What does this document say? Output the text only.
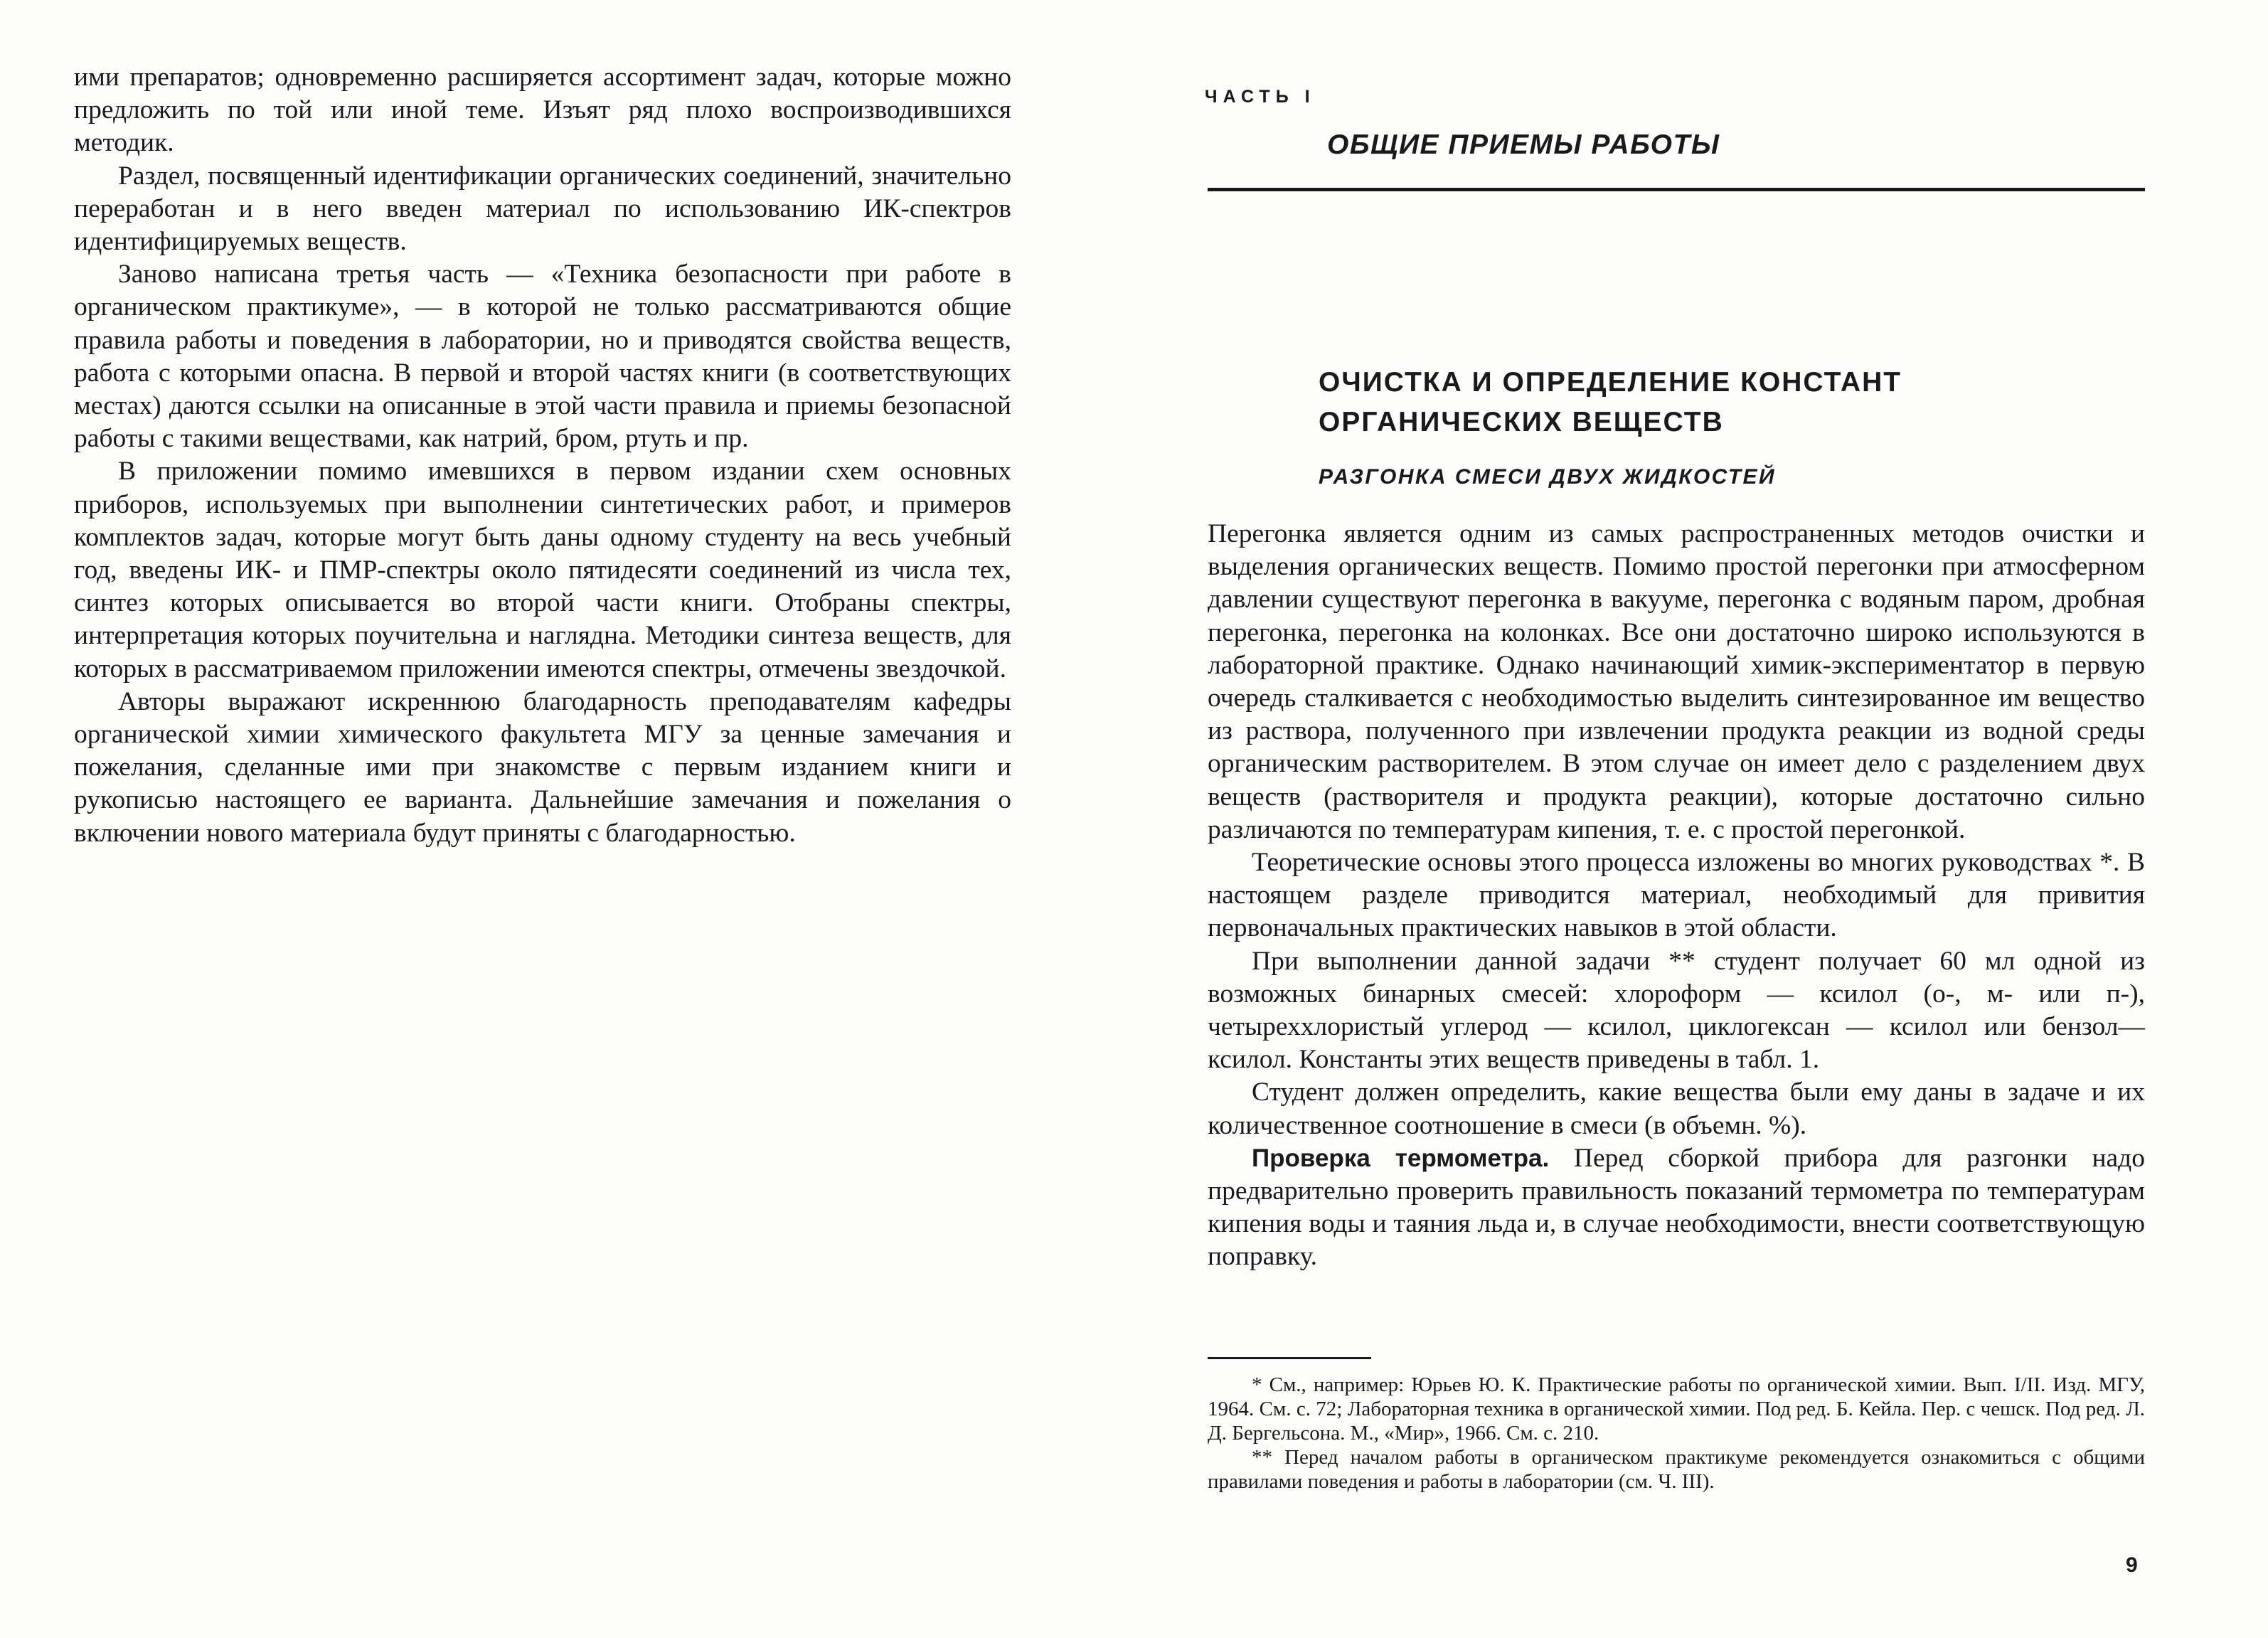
ими препаратов; одновременно расширяется ассортимент задач, которые можно предложить по той или иной теме. Изъят ряд плохо воспроизводившихся методик.

Раздел, посвященный идентификации органических соединений, значительно переработан и в него введен материал по использованию ИК-спектров идентифицируемых веществ.

Заново написана третья часть — «Техника безопасности при работе в органическом практикуме», — в которой не только рассматриваются общие правила работы и поведения в лаборатории, но и приводятся свойства веществ, работа с которыми опасна. В первой и второй частях книги (в соответствующих местах) даются ссылки на описанные в этой части правила и приемы безопасной работы с такими веществами, как натрий, бром, ртуть и пр.

В приложении помимо имевшихся в первом издании схем основных приборов, используемых при выполнении синтетических работ, и примеров комплектов задач, которые могут быть даны одному студенту на весь учебный год, введены ИК- и ПМР-спектры около пятидесяти соединений из числа тех, синтез которых описывается во второй части книги. Отобраны спектры, интерпретация которых поучительна и наглядна. Методики синтеза веществ, для которых в рассматриваемом приложении имеются спектры, отмечены звездочкой.

Авторы выражают искреннюю благодарность преподавателям кафедры органической химии химического факультета МГУ за ценные замечания и пожелания, сделанные ими при знакомстве с первым изданием книги и рукописью настоящего ее варианта. Дальнейшие замечания и пожелания о включении нового материала будут приняты с благодарностью.

ЧАСТЬ I
ОБЩИЕ ПРИЕМЫ РАБОТЫ
ОЧИСТКА И ОПРЕДЕЛЕНИЕ КОНСТАНТ
ОРГАНИЧЕСКИХ ВЕЩЕСТВ
РАЗГОНКА СМЕСИ ДВУХ ЖИДКОСТЕЙ

Перегонка является одним из самых распространенных методов очистки и выделения органических веществ. Помимо простой перегонки при атмосферном давлении существуют перегонка в вакууме, перегонка с водяным паром, дробная перегонка, перегонка на колонках. Все они достаточно широко используются в лабораторной практике. Однако начинающий химик-экспериментатор в первую очередь сталкивается с необходимостью выделить синтезированное им вещество из раствора, полученного при извлечении продукта реакции из водной среды органическим растворителем. В этом случае он имеет дело с разделением двух веществ (растворителя и продукта реакции), которые достаточно сильно различаются по температурам кипения, т. е. с простой перегонкой.

Теоретические основы этого процесса изложены во многих руководствах *. В настоящем разделе приводится материал, необходимый для привития первоначальных практических навыков в этой области.

При выполнении данной задачи ** студент получает 60 мл одной из возможных бинарных смесей: хлороформ — ксилол (о-, м- или п-), четыреххлористый углерод — ксилол, циклогексан — ксилол или бензол—ксилол. Константы этих веществ приведены в табл. 1.

Студент должен определить, какие вещества были ему даны в задаче и их количественное соотношение в смеси (в объемн. %).

Проверка термометра. Перед сборкой прибора для разгонки надо предварительно проверить правильность показаний термометра по температурам кипения воды и таяния льда и, в случае необходимости, внести соответствующую поправку.

* См., например: Юрьев Ю. К. Практические работы по органической химии. Вып. I/II. Изд. МГУ, 1964. См. с. 72; Лабораторная техника в органической химии. Под ред. Б. Кейла. Пер. с чешск. Под ред. Л. Д. Бергельсона. М., «Мир», 1966. См. с. 210.

** Перед началом работы в органическом практикуме рекомендуется ознакомиться с общими правилами поведения и работы в лаборатории (см. Ч. III).

9
